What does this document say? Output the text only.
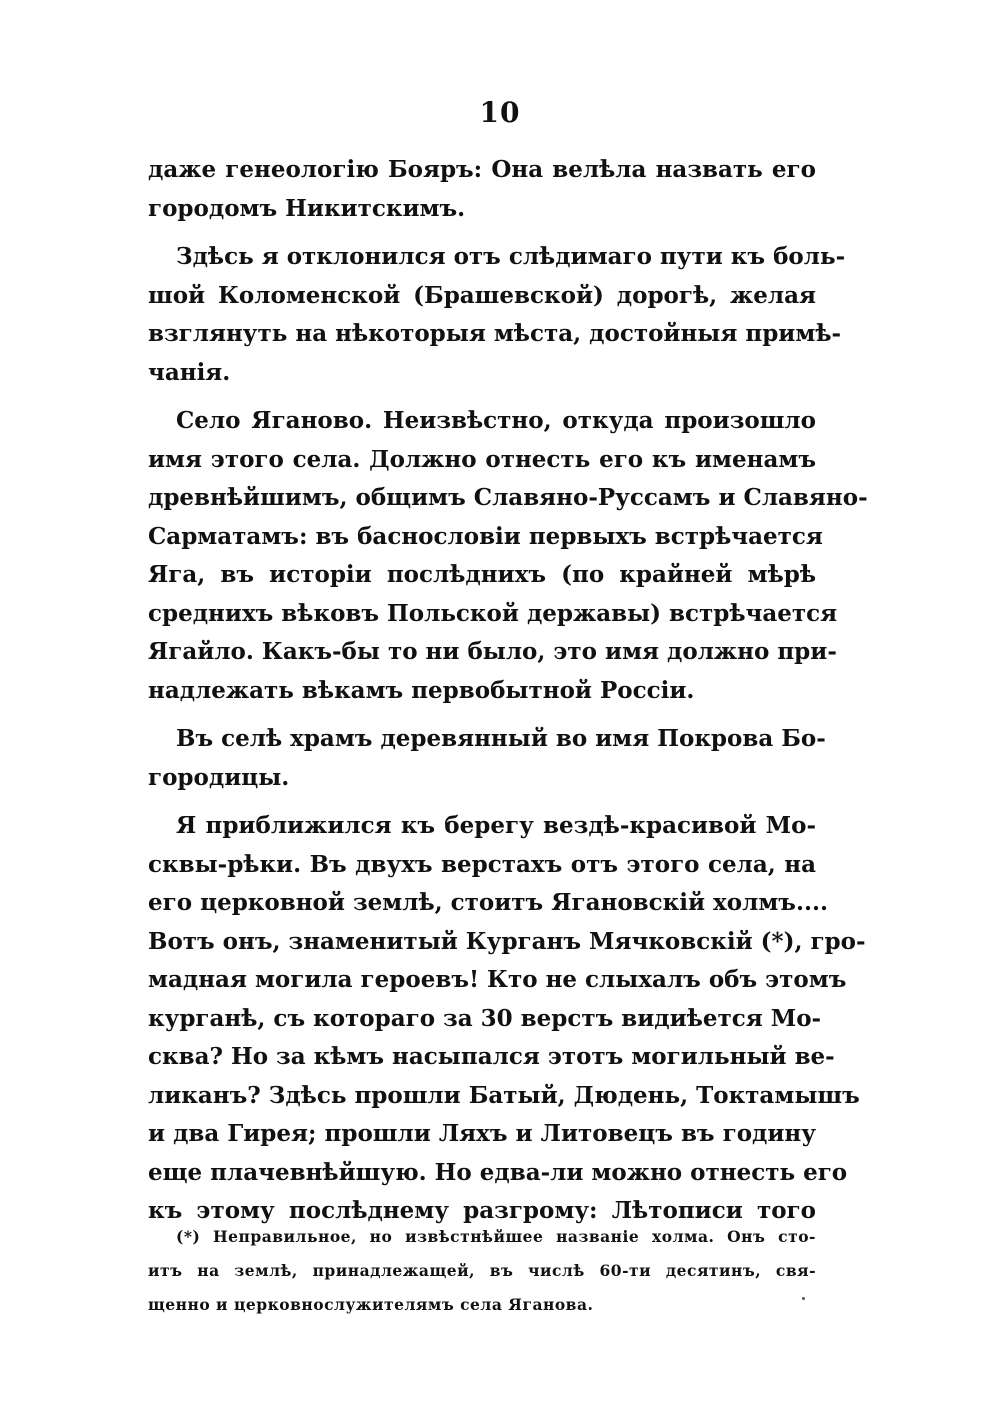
10
даже генеологію Бояръ: Она велѣла назвать его
городомъ Никитскимъ.
Здѣсь я отклонился отъ слѣдимаго пути къ боль-
шой Коломенской (Брашевской) дорогѣ, желая
взглянуть на нѣкоторыя мѣста, достойныя примѣ-
чанія.
Село Яганово. Неизвѣстно, откуда произошло
имя этого села. Должно отнесть его къ именамъ
древнѣйшимъ, общимъ Славяно-Руссамъ и Славяно-
Сарматамъ: въ баснословіи первыхъ встрѣчается
Яга, въ исторіи послѣднихъ (по крайней мѣрѣ
среднихъ вѣковъ Польской державы) встрѣчается
Ягайло. Какъ-бы то ни было, это имя должно при-
надлежать вѣкамъ первобытной Россіи.
Въ селѣ храмъ деревянный во имя Покрова Бо-
городицы.
Я приближился къ берегу вездѣ-красивой Мо-
сквы-рѣки. Въ двухъ верстахъ отъ этого села, на
его церковной землѣ, стоитъ Ягановскій холмъ....
Вотъ онъ, знаменитый Курганъ Мячковскій (*), гро-
мадная могила героевъ! Кто не слыхалъ объ этомъ
курганѣ, съ котораго за 30 верстъ видиѣется Мо-
сква? Но за кѣмъ насыпался этотъ могильный ве-
ликанъ? Здѣсь прошли Батый, Дюдень, Токтамышъ
и два Гирея; прошли Ляхъ и Литовецъ въ годину
еще плачевнѣйшую. Но едва-ли можно отнесть его
къ этому послѣднему разгрому: Лѣтописи того
(*) Неправильное, но извѣстнѣйшее названіе холма. Онъ сто-
итъ на землѣ, принадлежащей, въ числѣ 60-ти десятинъ, свя-
щенно и церковнослужителямъ села Яганова.
